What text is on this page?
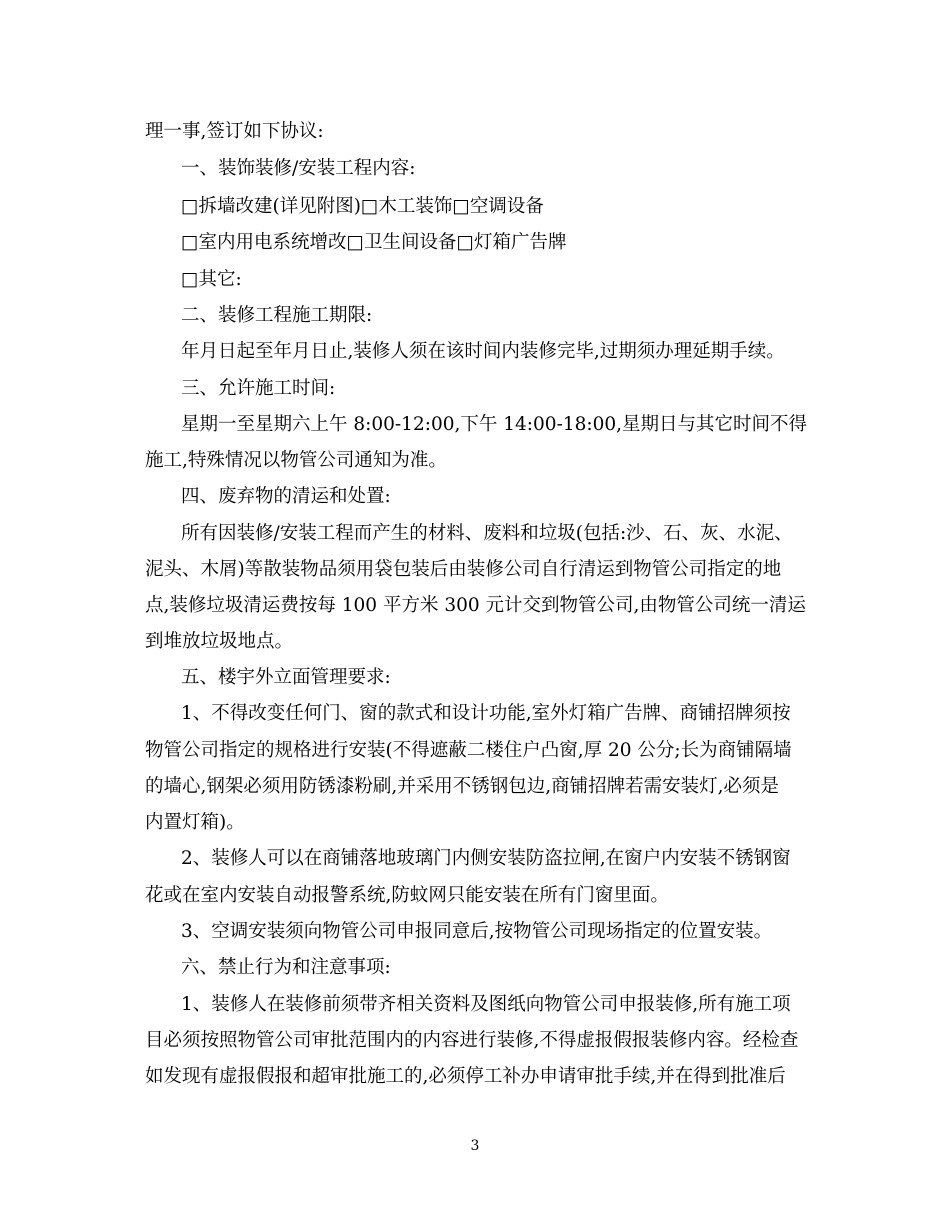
理一事,签订如下协议:
一、装饰装修/安装工程内容:
□拆墙改建(详见附图)□木工装饰□空调设备
□室内用电系统增改□卫生间设备□灯箱广告牌
□其它:
二、装修工程施工期限:
年月日起至年月日止,装修人须在该时间内装修完毕,过期须办理延期手续。
三、允许施工时间:
星期一至星期六上午 8:00-12:00,下午 14:00-18:00,星期日与其它时间不得
施工,特殊情况以物管公司通知为准。
四、废弃物的清运和处置:
所有因装修/安装工程而产生的材料、废料和垃圾(包括:沙、石、灰、水泥、
泥头、木屑)等散装物品须用袋包装后由装修公司自行清运到物管公司指定的地
点,装修垃圾清运费按每 100 平方米 300 元计交到物管公司,由物管公司统一清运
到堆放垃圾地点。
五、楼宇外立面管理要求:
1、不得改变任何门、窗的款式和设计功能,室外灯箱广告牌、商铺招牌须按
物管公司指定的规格进行安装(不得遮蔽二楼住户凸窗,厚 20 公分;长为商铺隔墙
的墙心,钢架必须用防锈漆粉刷,并采用不锈钢包边,商铺招牌若需安装灯,必须是
内置灯箱)。
2、装修人可以在商铺落地玻璃门内侧安装防盗拉闸,在窗户内安装不锈钢窗
花或在室内安装自动报警系统,防蚊网只能安装在所有门窗里面。
3、空调安装须向物管公司申报同意后,按物管公司现场指定的位置安装。
六、禁止行为和注意事项:
1、装修人在装修前须带齐相关资料及图纸向物管公司申报装修,所有施工项
目必须按照物管公司审批范围内的内容进行装修,不得虚报假报装修内容。经检查
如发现有虚报假报和超审批施工的,必须停工补办申请审批手续,并在得到批准后
3
